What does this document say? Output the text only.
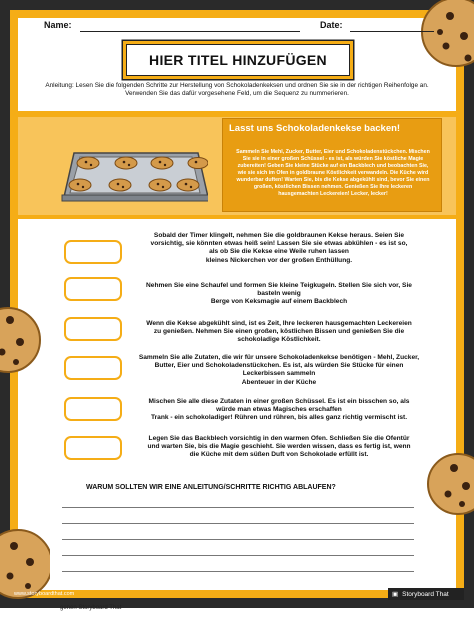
Name:	Date:
HIER TITEL HINZUFÜGEN
Anleitung: Lesen Sie die folgenden Schritte zur Herstellung von Schokoladenkeksen und ordnen Sie sie in der richtigen Reihenfolge an.
Verwenden Sie das dafür vorgesehene Feld, um die Sequenz zu nummerieren.
Lasst uns Schokoladenkekse backen!
Sammeln Sie Mehl, Zucker, Butter, Eier und Schokoladenstückchen. Mischen Sie sie in einer großen Schüssel - es ist, als würden Sie köstliche Magie zubereiten! Geben Sie kleine Stücke auf ein Backblech und beobachten Sie, wie sie sich im Ofen in goldbraune Köstlichkeit verwandeln. Die Küche wird wunderbar duften! Warten Sie, bis die Kekse abgekühlt sind, bevor Sie einen großen, köstlichen Bissen nehmen. Genießen Sie Ihre leckeren hausgemachten Leckereien! Lecker, lecker!
Sobald der Timer klingelt, nehmen Sie die goldbraunen Kekse heraus. Seien Sie
vorsichtig, sie könnten etwas heiß sein! Lassen Sie sie etwas abkühlen - es ist so,
als ob Sie die Kekse eine Weile ruhen lassen
kleines Nickerchen vor der großen Enthüllung.
Nehmen Sie eine Schaufel und formen Sie kleine Teigkugeln. Stellen Sie sich vor, Sie
basteln wenig
Berge von Keksmagie auf einem Backblech
Wenn die Kekse abgekühlt sind, ist es Zeit, Ihre leckeren hausgemachten Leckereien
zu genießen. Nehmen Sie einen großen, köstlichen Bissen und genießen Sie die
schokoladige Köstlichkeit.
Sammeln Sie alle Zutaten, die wir für unsere Schokoladenkekse benötigen - Mehl, Zucker,
Butter, Eier und Schokoladenstückchen. Es ist, als würden Sie Stücke für einen
Leckerbissen sammeln
Abenteuer in der Küche
Mischen Sie alle diese Zutaten in einer großen Schüssel. Es ist ein bisschen so, als
würde man etwas Magisches erschaffen
Trank - ein schokoladiger! Rühren und rühren, bis alles ganz richtig vermischt ist.
Legen Sie das Backblech vorsichtig in den warmen Ofen. Schließen Sie die Ofentür
und warten Sie, bis die Magie geschieht. Sie werden wissen, dass es fertig ist, wenn
die Küche mit dem süßen Duft von Schokolade erfüllt ist.
WARUM SOLLTEN WIR EINE ANLEITUNG/SCHRITTE RICHTIG ABLAUFEN?
www.storyboardthat.com	▣ Storyboard That
genen Storyboard That
